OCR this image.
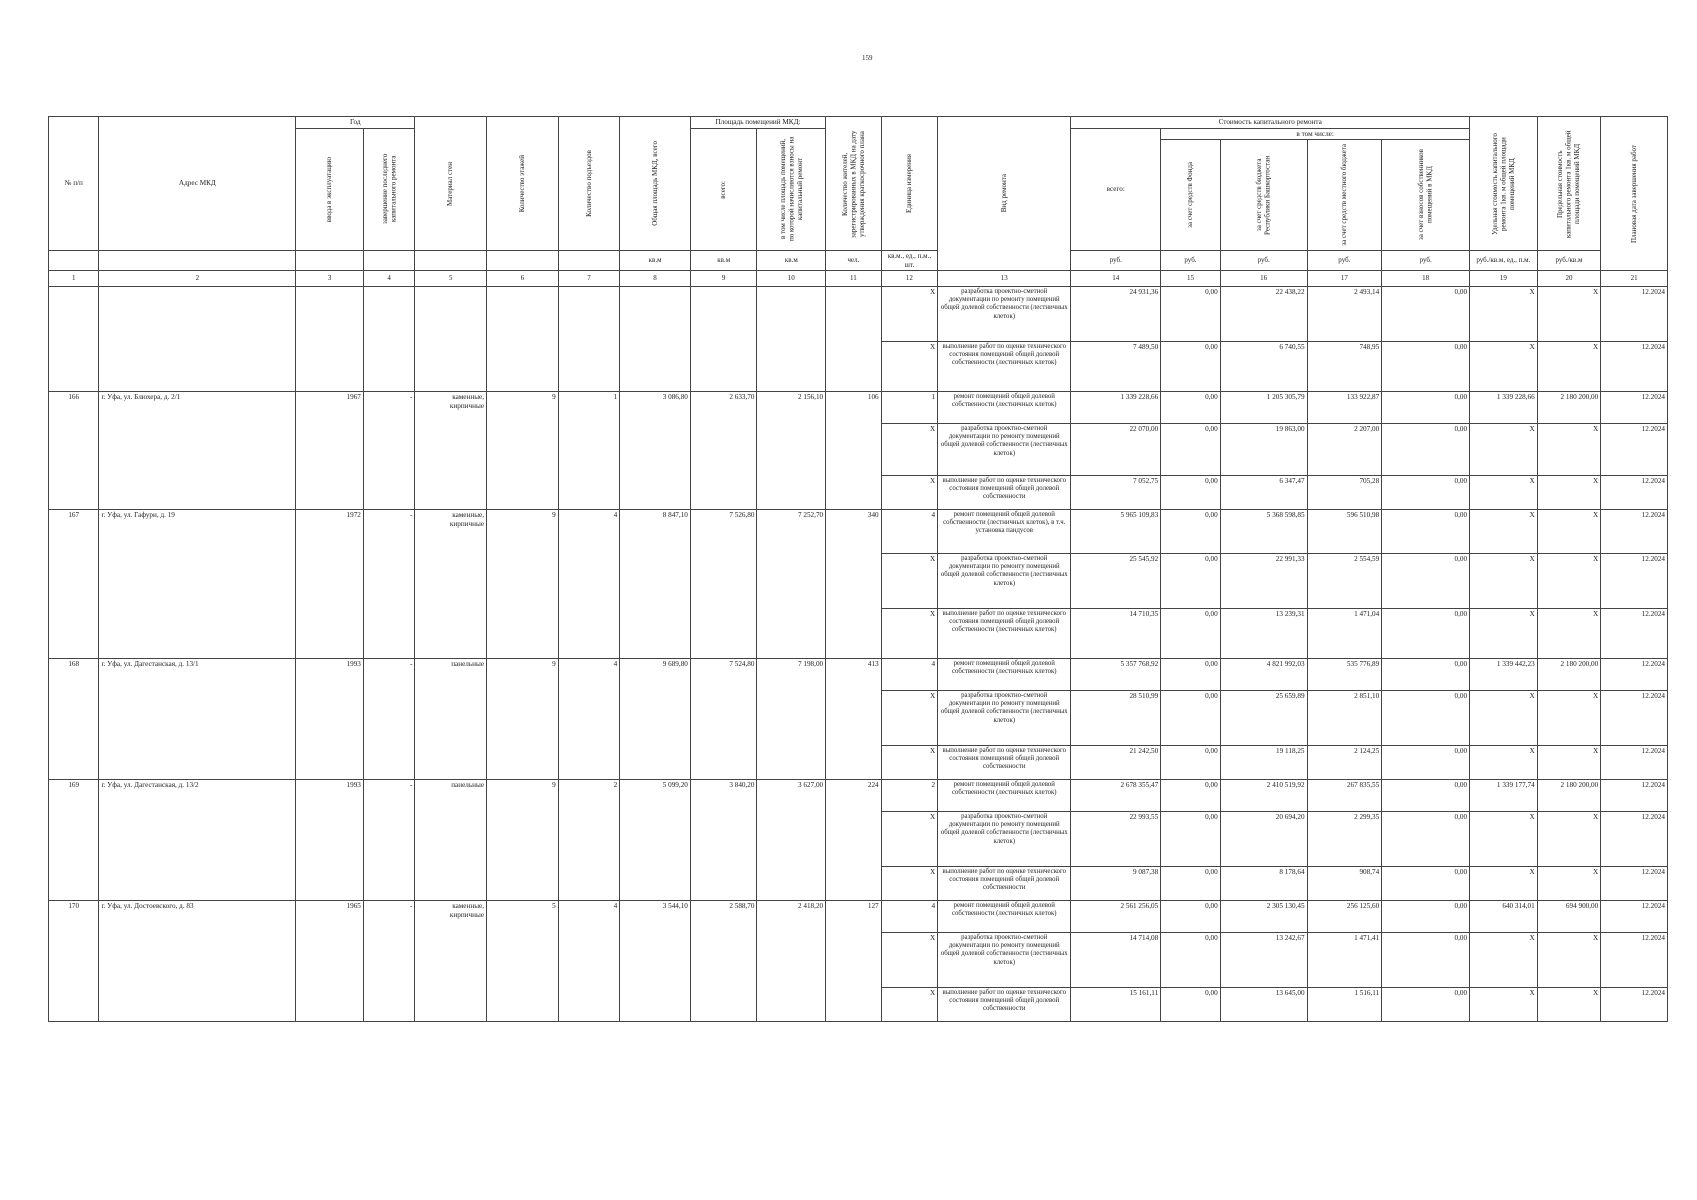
159
№ п/п	Адрес МКД	Год		Материал стен	Количество этажей	Количество подъездов	Общая площадь МКД, всего	Площадь помещений МКД:		Количество жителей, зарегистрированных в МКД на дату утверждения краткосрочного плана	Единица измерения	Вид ремонта	Стоимость капитального ремонта					Удельная стоимость капитального ремонта 1кв. м общей площади помещений МКД	Предельная стоимость капитального ремонта 1кв. м общей площади помещений МКД	Плановая дата завершения работ

		ввода в эксплуатацию	завершение последнего капитального ремонта					всего:	в том числе площадь помещений, по которой начисляются взносы на капитальный ремонт				всего:	в том числе:						

														за счет средств Фонда	за счет средств бюджета Республики Башкортостан	за счет средств местного бюджета	за счет взносов собственников помещений в МКД			

							кв.м	кв.м	кв.м	чел.	кв.м., ед., п.м., шт.		руб.	руб.	руб.	руб.	руб.	руб./кв.м, ед., п.м.	руб./кв.м	
1	2	3	4	5	6	7	8	9	10	11	12	13	14	15	16	17	18	19	20	21
											X	разработка проектно-сметной документации по ремонту помещений общей долевой собственности (лестничных клеток)	24 931,36	0,00	22 438,22	2 493,14	0,00	X	X	12.2024
											X	выполнение работ по оценке технического состояния помещений общей долевой собственности (лестничных клеток)	7 489,50	0,00	6 740,55	748,95	0,00	X	X	12.2024
166	г. Уфа, ул. Блюхера, д. 2/1	1967	-	каменные, кирпичные	9	1	3 086,80	2 633,70	2 156,10	106	1	ремонт помещений общей долевой собственности (лестничных клеток)	1 339 228,66	0,00	1 205 305,79	133 922,87	0,00	1 339 228,66	2 180 200,00	12.2024
											X	разработка проектно-сметной документации по ремонту помещений общей долевой собственности (лестничных клеток)	22 070,00	0,00	19 863,00	2 207,00	0,00	X	X	12.2024
											X	выполнение работ по оценке технического состояния помещений общей долевой собственности	7 052,75	0,00	6 347,47	705,28	0,00	X	X	12.2024
167	г. Уфа, ул. Гафури, д. 19	1972	-	каменные, кирпичные	9	4	8 847,10	7 526,80	7 252,70	340	4	ремонт помещений общей долевой собственности (лестничных клеток), в т.ч. установка пандусов	5 965 109,83	0,00	5 368 598,85	596 510,98	0,00	X	X	12.2024
											X	разработка проектно-сметной документации по ремонту помещений общей долевой собственности (лестничных клеток)	25 545,92	0,00	22 991,33	2 554,59	0,00	X	X	12.2024
											X	выполнение работ по оценке технического состояния помещений общей долевой собственности (лестничных клеток)	14 710,35	0,00	13 239,31	1 471,04	0,00	X	X	12.2024
168	г. Уфа, ул. Дагестанская, д. 13/1	1993	-	панельные	9	4	9 689,80	7 524,80	7 198,00	413	4	ремонт помещений общей долевой собственности (лестничных клеток)	5 357 768,92	0,00	4 821 992,03	535 776,89	0,00	1 339 442,23	2 180 200,00	12.2024
											X	разработка проектно-сметной документации по ремонту помещений общей долевой собственности (лестничных клеток)	28 510,99	0,00	25 659,89	2 851,10	0,00	X	X	12.2024
											X	выполнение работ по оценке технического состояния помещений общей долевой собственности	21 242,50	0,00	19 118,25	2 124,25	0,00	X	X	12.2024
169	г. Уфа, ул. Дагестанская, д. 13/2	1993	-	панельные	9	2	5 099,20	3 840,20	3 627,00	224	2	ремонт помещений общей долевой собственности (лестничных клеток)	2 678 355,47	0,00	2 410 519,92	267 835,55	0,00	1 339 177,74	2 180 200,00	12.2024
											X	разработка проектно-сметной документации по ремонту помещений общей долевой собственности (лестничных клеток)	22 993,55	0,00	20 694,20	2 299,35	0,00	X	X	12.2024
											X	выполнение работ по оценке технического состояния помещений общей долевой собственности	9 087,38	0,00	8 178,64	908,74	0,00	X	X	12.2024
170	г. Уфа, ул. Достоевского, д. 83	1965	-	каменные, кирпичные	5	4	3 544,10	2 588,70	2 418,20	127	4	ремонт помещений общей долевой собственности (лестничных клеток)	2 561 256,05	0,00	2 305 130,45	256 125,60	0,00	640 314,01	694 900,00	12.2024
											X	разработка проектно-сметной документации по ремонту помещений общей долевой собственности (лестничных клеток)	14 714,08	0,00	13 242,67	1 471,41	0,00	X	X	12.2024
											X	выполнение работ по оценке технического состояния помещений общей долевой собственности	15 161,11	0,00	13 645,00	1 516,11	0,00	X	X	12.2024
